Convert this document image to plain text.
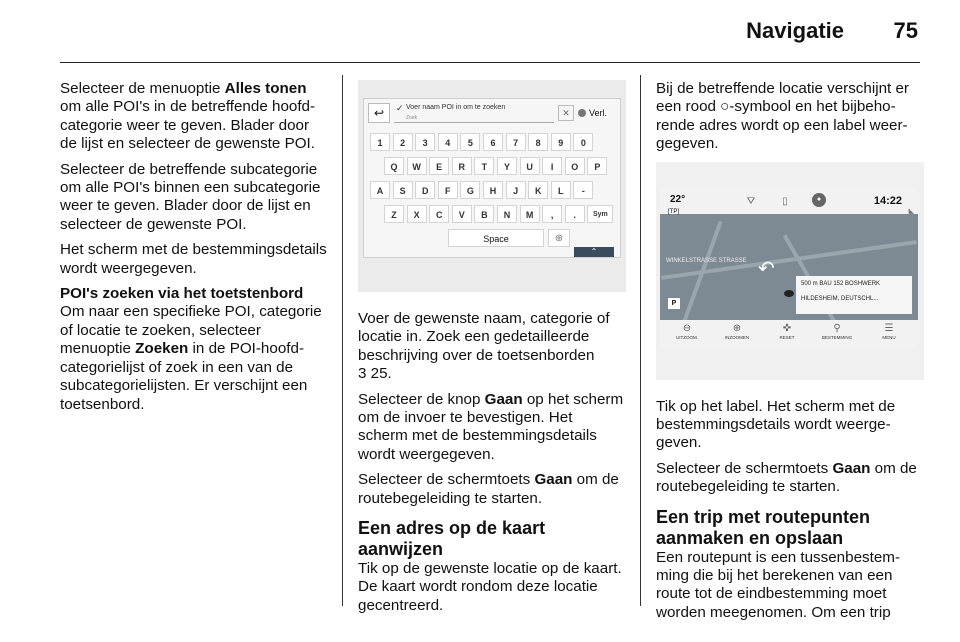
Navigatie 75

Selecteer de menuoptie Alles tonen om alle POI's in de betreffende hoofdcategorie weer te geven. Blader door de lijst en selecteer de gewenste POI.

Selecteer de betreffende subcategorie om alle POI's binnen een subcategorie weer te geven. Blader door de lijst en selecteer de gewenste POI.

Het scherm met de bestemmingsdetails wordt weergegeven.

POI's zoeken via het toetstenbord

Om naar een specifieke POI, categorie of locatie te zoeken, selecteer menuoptie Zoeken in de POI-hoofdcategorielijst of zoek in een van de subcategorielijsten. Er verschijnt een toetsenbord.

↩	✓ Voer naam POI in om te zoeken
Zoek	✕	Verl.
1	2	3	4	5	6	7	8	9	0
Q	W	E	R	T	Y	U	I	O	P
A	S	D	F	G	H	J	K	L	-
Z	X	C	V	B	N	M	,	.	Sym
Space	⊕
⌃

Voer de gewenste naam, categorie of locatie in. Zoek een gedetailleerde beschrijving over de toetsenborden
3 25.

Selecteer de knop Gaan op het scherm om de invoer te bevestigen. Het scherm met de bestemmingsdetails wordt weergegeven.

Selecteer de schermtoets Gaan om de routebegeleiding te starten.

Een adres op de kaart aanwijzen

Tik op de gewenste locatie op de kaart. De kaart wordt rondom deze locatie gecentreerd.

Bij de betreffende locatie verschijnt er een rood ○-symbool en het bijbehorende adres wordt op een label weergegeven.

22°
[TP]
⛛	▯	●	14:22
◣
WINKELSTRASSE STRASSE ↶
P
500 m BAU 152 BOSHWERK
HILDESHEIM, DEUTSCHL...
⊖
UITZOOM.
⊕
INZOOMEN
✜
RESET
⚲
BESTEMMING
☰
MENU

Tik op het label. Het scherm met de bestemmingsdetails wordt weergegeven.

Selecteer de schermtoets Gaan om de routebegeleiding te starten.

Een trip met routepunten aanmaken en opslaan

Een routepunt is een tussenbestemming die bij het berekenen van een route tot de eindbestemming moet worden meegenomen. Om een trip
